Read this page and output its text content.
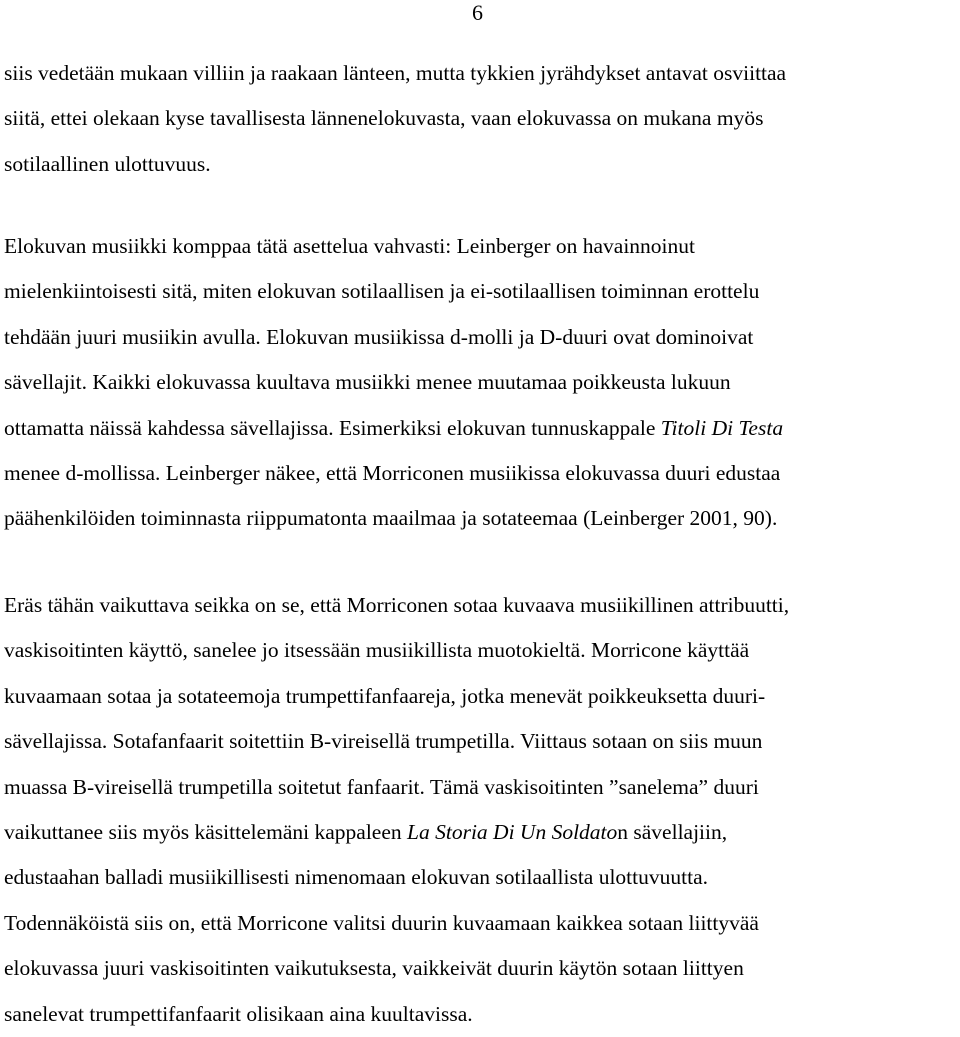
6
siis vedetään mukaan villiin ja raakaan länteen, mutta tykkien jyrähdykset antavat osviittaa
siitä, ettei olekaan kyse tavallisesta lännenelokuvasta, vaan elokuvassa on mukana myös
sotilaallinen ulottuvuus.
Elokuvan musiikki komppaa tätä asettelua vahvasti: Leinberger on havainnoinut
mielenkiintoisesti sitä, miten elokuvan sotilaallisen ja ei-sotilaallisen toiminnan erottelu
tehdään juuri musiikin avulla. Elokuvan musiikissa d-molli ja D-duuri ovat dominoivat
sävellajit. Kaikki elokuvassa kuultava musiikki menee muutamaa poikkeusta lukuun
ottamatta näissä kahdessa sävellajissa. Esimerkiksi elokuvan tunnuskappale Titoli Di Testa
menee d-mollissa. Leinberger näkee, että Morriconen musiikissa elokuvassa duuri edustaa
päähenkilöiden toiminnasta riippumatonta maailmaa ja sotateemaa (Leinberger 2001, 90).
Eräs tähän vaikuttava seikka on se, että Morriconen sotaa kuvaava musiikillinen attribuutti,
vaskisoitinten käyttö, sanelee jo itsessään musiikillista muotokieltä. Morricone käyttää
kuvaamaan sotaa ja sotateemoja trumpettifanfaareja, jotka menevät poikkeuksetta duuri-
sävellajissa. Sotafanfaarit soitettiin B-vireisellä trumpetilla. Viittaus sotaan on siis muun
muassa B-vireisellä trumpetilla soitetut fanfaarit. Tämä vaskisoitinten ”sanelema” duuri
vaikuttanee siis myös käsittelemäni kappaleen La Storia Di Un Soldaton sävellajiin,
edustaahan balladi musiikillisesti nimenomaan elokuvan sotilaallista ulottuvuutta.
Todennäköistä siis on, että Morricone valitsi duurin kuvaamaan kaikkea sotaan liittyvää
elokuvassa juuri vaskisoitinten vaikutuksesta, vaikkeivät duurin käytön sotaan liittyen
sanelevat trumpettifanfaarit olisikaan aina kuultavissa.
